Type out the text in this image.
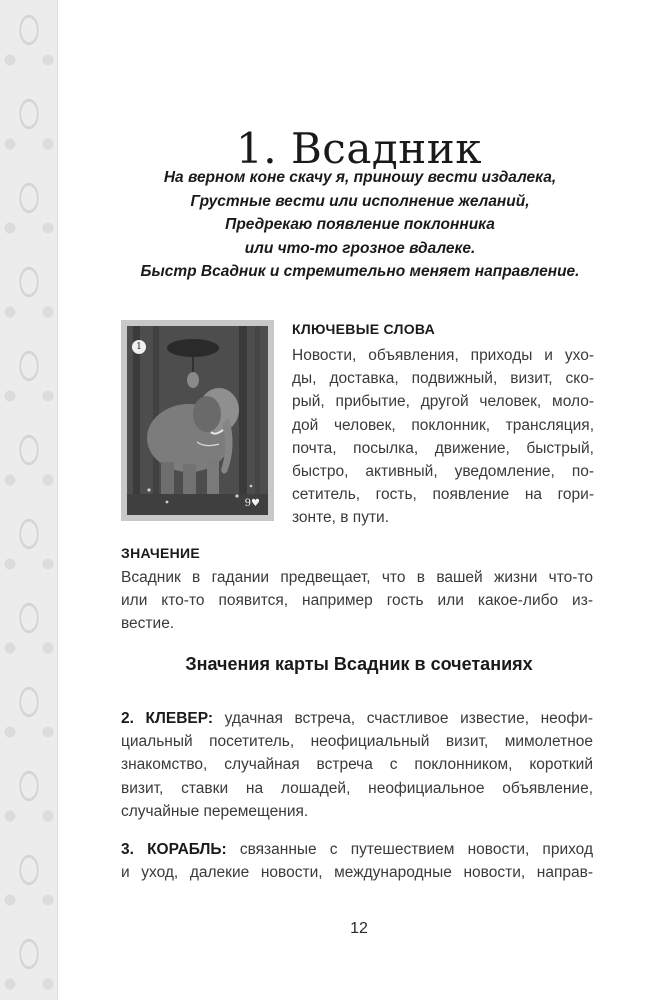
1. Всадник
На верном коне скачу я, приношу вести издалека,
Грустные вести или исполнение желаний,
Предрекаю появление поклонника
или что-то грозное вдалеке.
Быстр Всадник и стремительно меняет направление.
1
9♥
КЛЮЧЕВЫЕ СЛОВА
Новости, объявления, приходы и ухо-
ды, доставка, подвижный, визит, ско-
рый, прибытие, другой человек, моло-
дой человек, поклонник, трансляция,
почта, посылка, движение, быстрый,
быстро, активный, уведомление, по-
сетитель, гость, появление на гори-
зонте, в пути.
ЗНАЧЕНИЕ
Всадник в гадании предвещает, что в вашей жизни что-то
или кто-то появится, например гость или какое-либо из-
вестие.
Значения карты Всадник в сочетаниях
2. КЛЕВЕР: удачная встреча, счастливое известие, неофи-
циальный посетитель, неофициальный визит, мимолетное
знакомство, случайная встреча с поклонником, короткий
визит, ставки на лошадей, неофициальное объявление,
случайные перемещения.
3. КОРАБЛЬ: связанные с путешествием новости, приход
и уход, далекие новости, международные новости, направ-
12
